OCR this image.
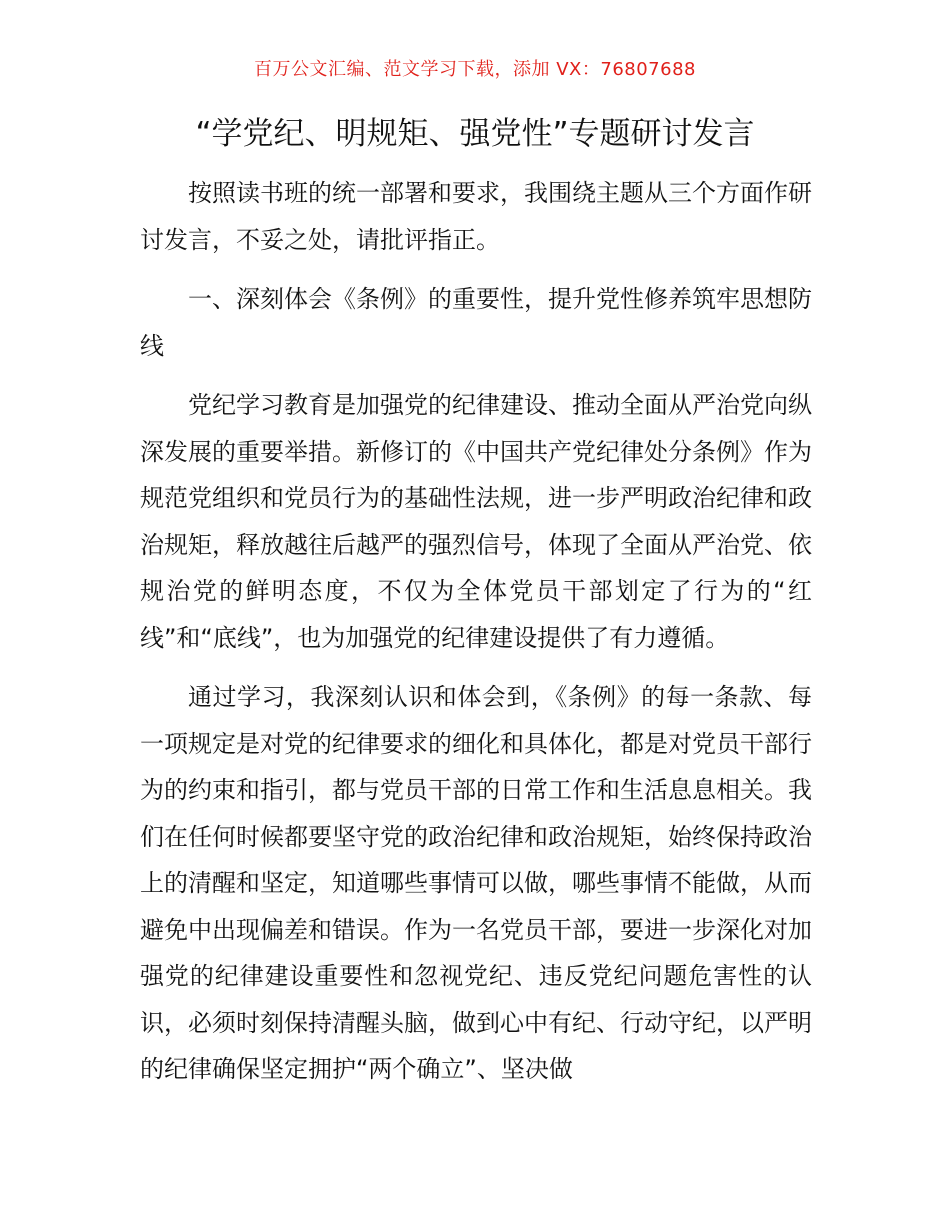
百万公文汇编、范文学习下载，添加 VX：76807688
“学党纪、明规矩、强党性”专题研讨发言

按照读书班的统一部署和要求，我围绕主题从三个方面作研讨发言，不妥之处，请批评指正。

一、深刻体会《条例》的重要性，提升党性修养筑牢思想防线

党纪学习教育是加强党的纪律建设、推动全面从严治党向纵深发展的重要举措。新修订的《中国共产党纪律处分条例》作为规范党组织和党员行为的基础性法规，进一步严明政治纪律和政治规矩，释放越往后越严的强烈信号，体现了全面从严治党、依规治党的鲜明态度，不仅为全体党员干部划定了行为的“红线”和“底线”，也为加强党的纪律建设提供了有力遵循。

通过学习，我深刻认识和体会到，《条例》的每一条款、每一项规定是对党的纪律要求的细化和具体化，都是对党员干部行为的约束和指引，都与党员干部的日常工作和生活息息相关。我们在任何时候都要坚守党的政治纪律和政治规矩，始终保持政治上的清醒和坚定，知道哪些事情可以做，哪些事情不能做，从而避免中出现偏差和错误。作为一名党员干部，要进一步深化对加强党的纪律建设重要性和忽视党纪、违反党纪问题危害性的认识，必须时刻保持清醒头脑，做到心中有纪、行动守纪，以严明的纪律确保坚定拥护“两个确立”、坚决做
